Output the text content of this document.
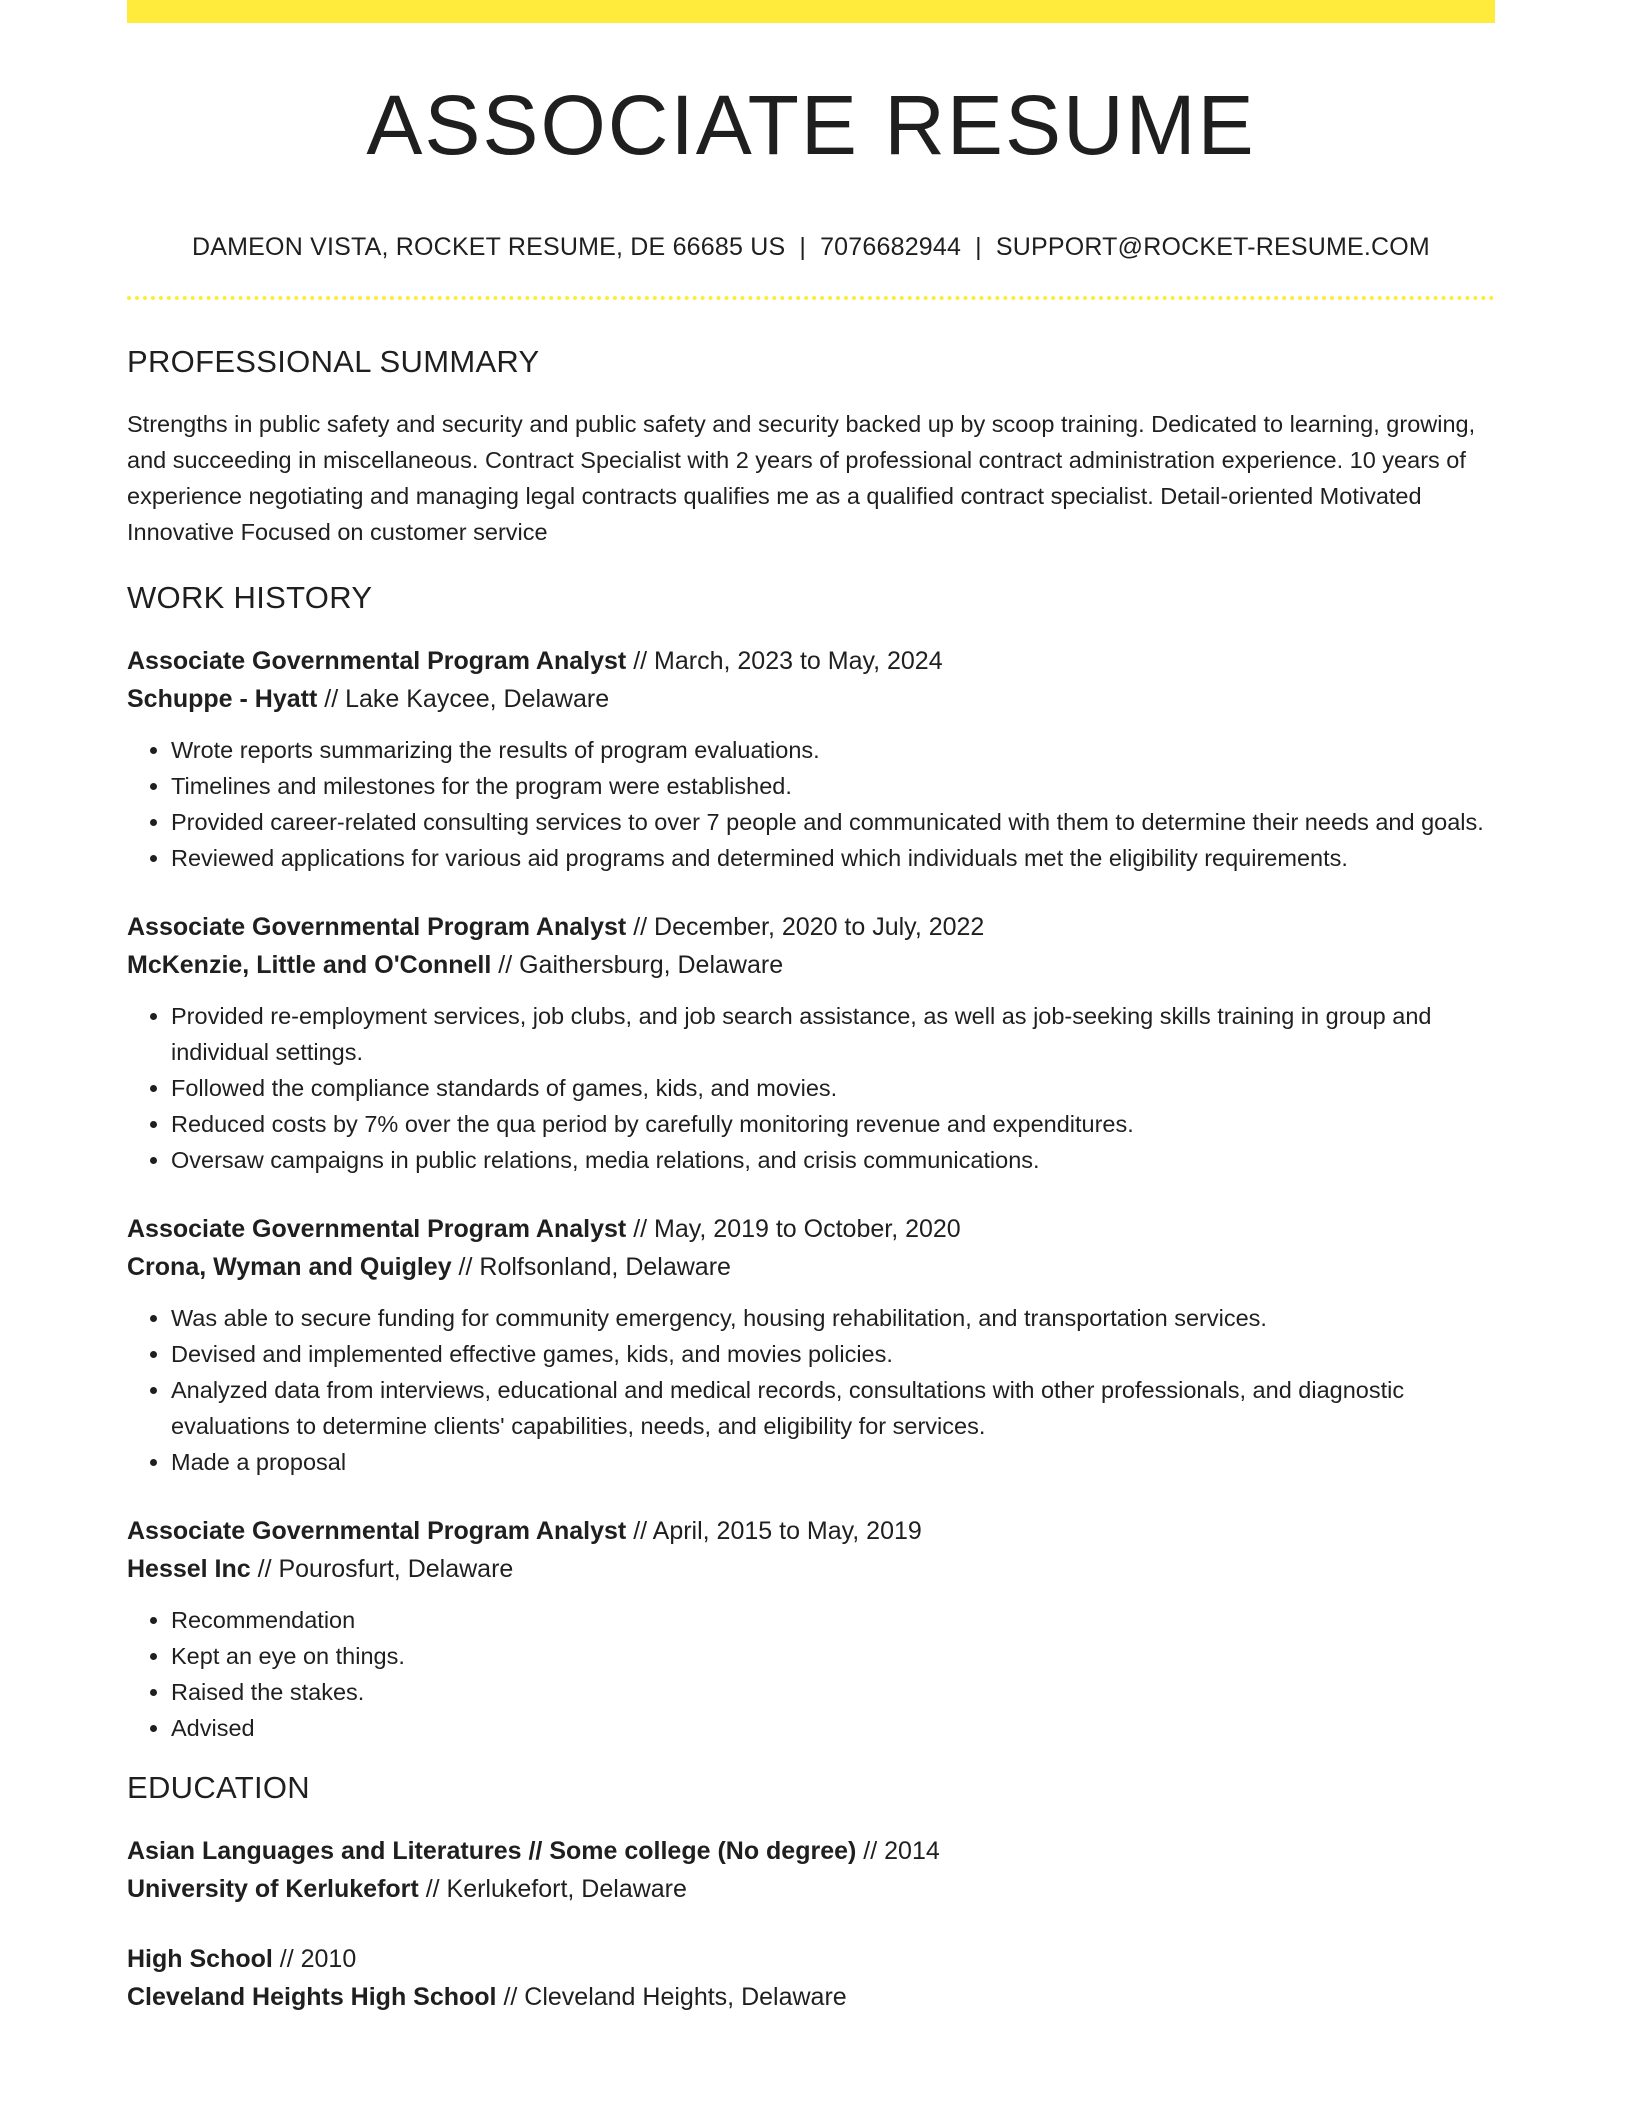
ASSOCIATE RESUME
DAMEON VISTA, ROCKET RESUME, DE 66685 US | 7076682944 | SUPPORT@ROCKET-RESUME.COM
PROFESSIONAL SUMMARY
Strengths in public safety and security and public safety and security backed up by scoop training. Dedicated to learning, growing, and succeeding in miscellaneous. Contract Specialist with 2 years of professional contract administration experience. 10 years of experience negotiating and managing legal contracts qualifies me as a qualified contract specialist. Detail-oriented Motivated Innovative Focused on customer service
WORK HISTORY
Associate Governmental Program Analyst // March, 2023 to May, 2024
Schuppe - Hyatt // Lake Kaycee, Delaware
• Wrote reports summarizing the results of program evaluations.
• Timelines and milestones for the program were established.
• Provided career-related consulting services to over 7 people and communicated with them to determine their needs and goals.
• Reviewed applications for various aid programs and determined which individuals met the eligibility requirements.
Associate Governmental Program Analyst // December, 2020 to July, 2022
McKenzie, Little and O'Connell // Gaithersburg, Delaware
• Provided re-employment services, job clubs, and job search assistance, as well as job-seeking skills training in group and individual settings.
• Followed the compliance standards of games, kids, and movies.
• Reduced costs by 7% over the qua period by carefully monitoring revenue and expenditures.
• Oversaw campaigns in public relations, media relations, and crisis communications.
Associate Governmental Program Analyst // May, 2019 to October, 2020
Crona, Wyman and Quigley // Rolfsonland, Delaware
• Was able to secure funding for community emergency, housing rehabilitation, and transportation services.
• Devised and implemented effective games, kids, and movies policies.
• Analyzed data from interviews, educational and medical records, consultations with other professionals, and diagnostic evaluations to determine clients' capabilities, needs, and eligibility for services.
• Made a proposal
Associate Governmental Program Analyst // April, 2015 to May, 2019
Hessel Inc // Pourosfurt, Delaware
• Recommendation
• Kept an eye on things.
• Raised the stakes.
• Advised
EDUCATION
Asian Languages and Literatures // Some college (No degree) // 2014
University of Kerlukefort // Kerlukefort, Delaware
High School // 2010
Cleveland Heights High School // Cleveland Heights, Delaware
